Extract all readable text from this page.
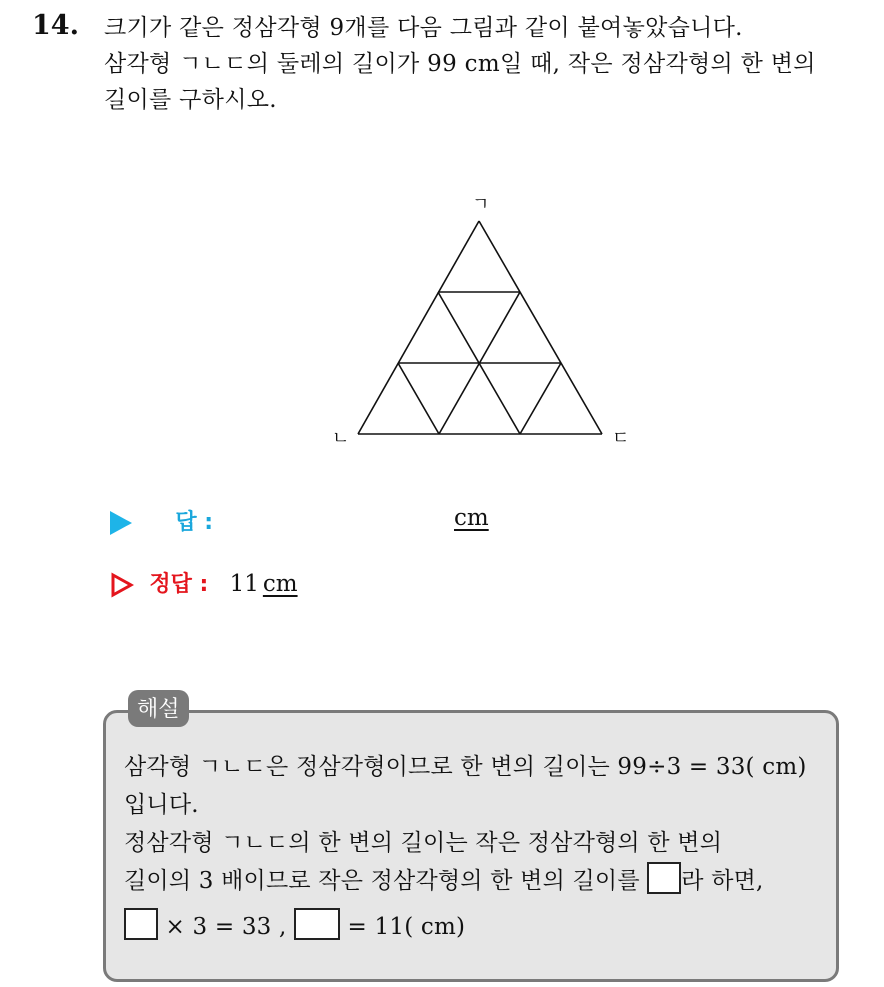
14. 크기가 같은 정삼각형 9개를 다음 그림과 같이 붙여놓았습니다.
삼각형 ㄱㄴㄷ의 둘레의 길이가 99 cm일 때, 작은 정삼각형의 한 변의
길이를 구하시오.
ㄱ
ㄴ	ㄷ
답 :	cm
정답 : 11 cm
해설
삼각형 ㄱㄴㄷ은 정삼각형이므로 한 변의 길이는 99÷3 = 33( cm)
입니다.
정삼각형 ㄱㄴㄷ의 한 변의 길이는 작은 정삼각형의 한 변의
길이의 3 배이므로 작은 정삼각형의 한 변의 길이를 라 하면,
× 3 = 33 ,	= 11( cm)
